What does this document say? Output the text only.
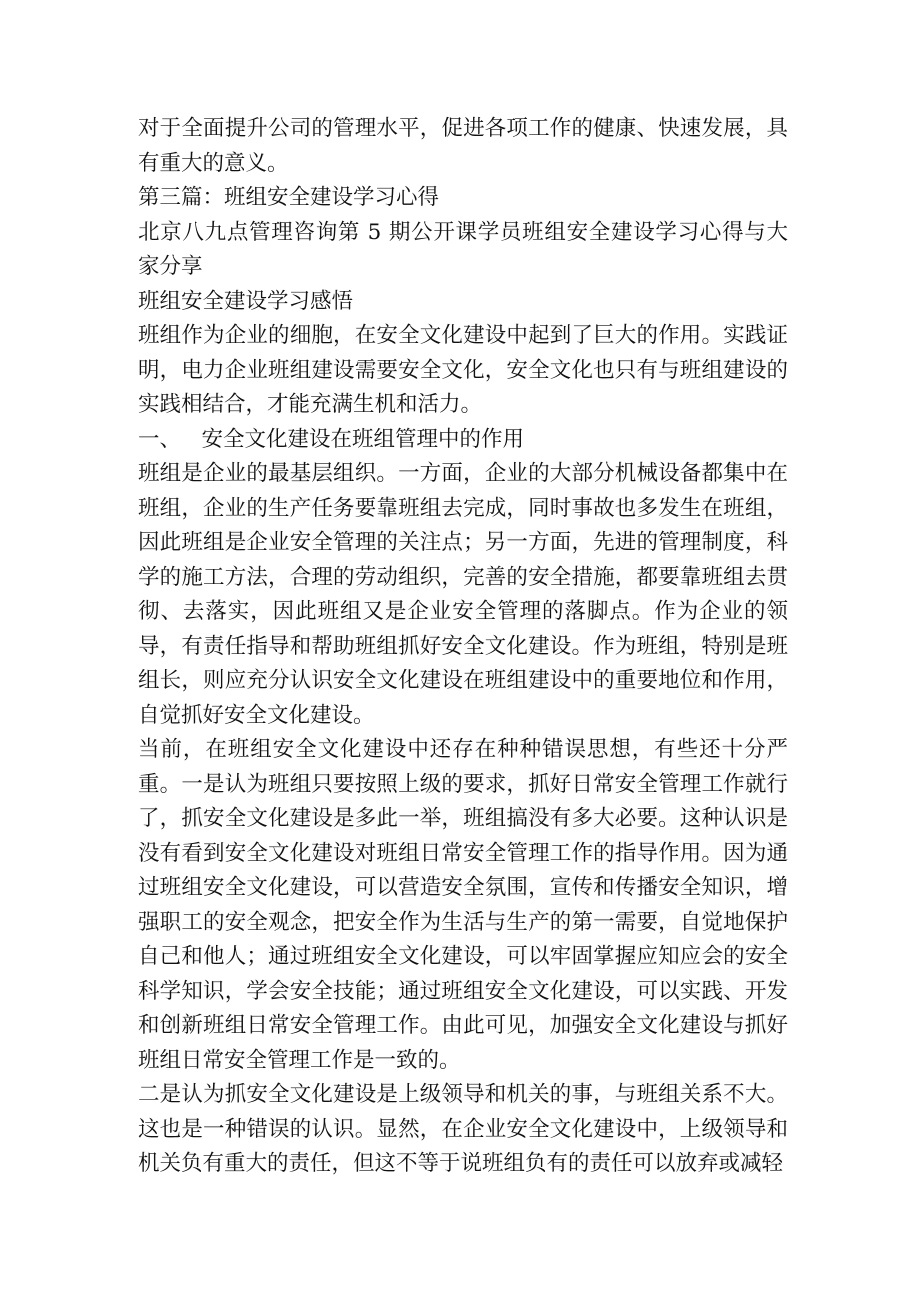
对于全面提升公司的管理水平，促进各项工作的健康、快速发展，具有重大的意义。

第三篇：班组安全建设学习心得

北京八九点管理咨询第 5 期公开课学员班组安全建设学习心得与大家分享

班组安全建设学习感悟

班组作为企业的细胞，在安全文化建设中起到了巨大的作用。实践证明，电力企业班组建设需要安全文化，安全文化也只有与班组建设的实践相结合，才能充满生机和活力。

一、   安全文化建设在班组管理中的作用

班组是企业的最基层组织。一方面，企业的大部分机械设备都集中在班组，企业的生产任务要靠班组去完成，同时事故也多发生在班组，因此班组是企业安全管理的关注点；另一方面，先进的管理制度，科学的施工方法，合理的劳动组织，完善的安全措施，都要靠班组去贯彻、去落实，因此班组又是企业安全管理的落脚点。作为企业的领导，有责任指导和帮助班组抓好安全文化建设。作为班组，特别是班组长，则应充分认识安全文化建设在班组建设中的重要地位和作用，自觉抓好安全文化建设。

当前，在班组安全文化建设中还存在种种错误思想，有些还十分严重。一是认为班组只要按照上级的要求，抓好日常安全管理工作就行了，抓安全文化建设是多此一举，班组搞没有多大必要。这种认识是没有看到安全文化建设对班组日常安全管理工作的指导作用。因为通过班组安全文化建设，可以营造安全氛围，宣传和传播安全知识，增强职工的安全观念，把安全作为生活与生产的第一需要，自觉地保护自己和他人；通过班组安全文化建设，可以牢固掌握应知应会的安全科学知识，学会安全技能；通过班组安全文化建设，可以实践、开发和创新班组日常安全管理工作。由此可见，加强安全文化建设与抓好班组日常安全管理工作是一致的。

二是认为抓安全文化建设是上级领导和机关的事，与班组关系不大。这也是一种错误的认识。显然，在企业安全文化建设中，上级领导和机关负有重大的责任，但这不等于说班组负有的责任可以放弃或减轻
